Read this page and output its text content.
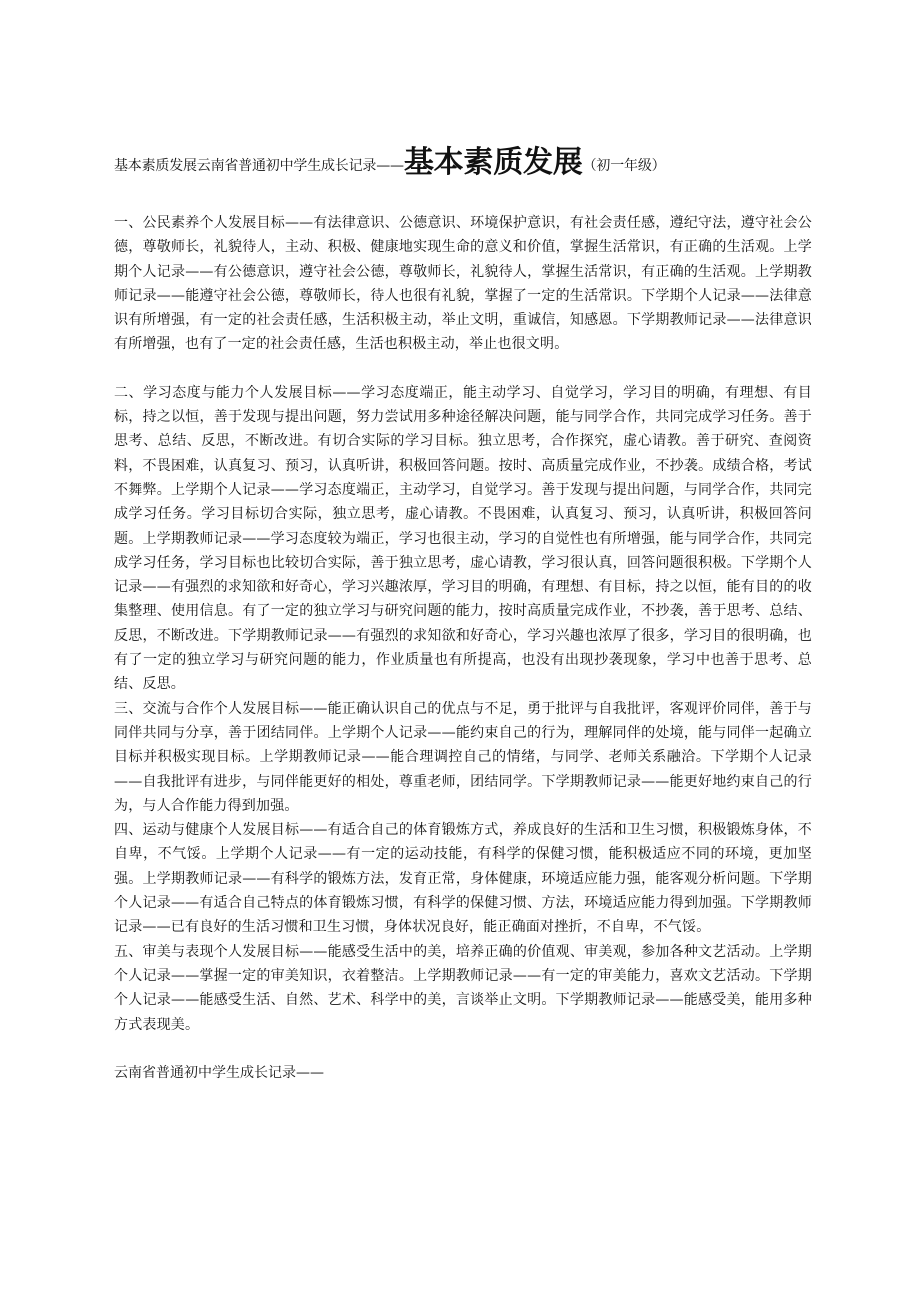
基本素质发展云南省普通初中学生成长记录——基本素质发展（初一年级）

一、公民素养个人发展目标——有法律意识、公德意识、环境保护意识，有社会责任感，遵纪守法，遵守社会公德，尊敬师长，礼貌待人，主动、积极、健康地实现生命的意义和价值，掌握生活常识，有正确的生活观。上学期个人记录——有公德意识，遵守社会公德，尊敬师长，礼貌待人，掌握生活常识，有正确的生活观。上学期教师记录——能遵守社会公德，尊敬师长，待人也很有礼貌，掌握了一定的生活常识。下学期个人记录——法律意识有所增强，有一定的社会责任感，生活积极主动，举止文明，重诚信，知感恩。下学期教师记录——法律意识有所增强，也有了一定的社会责任感，生活也积极主动，举止也很文明。

二、学习态度与能力个人发展目标——学习态度端正，能主动学习、自觉学习，学习目的明确，有理想、有目标，持之以恒，善于发现与提出问题，努力尝试用多种途径解决问题，能与同学合作，共同完成学习任务。善于思考、总结、反思，不断改进。有切合实际的学习目标。独立思考，合作探究，虚心请教。善于研究、查阅资料，不畏困难，认真复习、预习，认真听讲，积极回答问题。按时、高质量完成作业，不抄袭。成绩合格，考试不舞弊。上学期个人记录——学习态度端正，主动学习，自觉学习。善于发现与提出问题，与同学合作，共同完成学习任务。学习目标切合实际，独立思考，虚心请教。不畏困难，认真复习、预习，认真听讲，积极回答问题。上学期教师记录——学习态度较为端正，学习也很主动，学习的自觉性也有所增强，能与同学合作，共同完成学习任务，学习目标也比较切合实际，善于独立思考，虚心请教，学习很认真，回答问题很积极。下学期个人记录——有强烈的求知欲和好奇心，学习兴趣浓厚，学习目的明确，有理想、有目标，持之以恒，能有目的的收集整理、使用信息。有了一定的独立学习与研究问题的能力，按时高质量完成作业，不抄袭，善于思考、总结、反思，不断改进。下学期教师记录——有强烈的求知欲和好奇心，学习兴趣也浓厚了很多，学习目的很明确，也有了一定的独立学习与研究问题的能力，作业质量也有所提高，也没有出现抄袭现象，学习中也善于思考、总结、反思。

三、交流与合作个人发展目标——能正确认识自己的优点与不足，勇于批评与自我批评，客观评价同伴，善于与同伴共同与分享，善于团结同伴。上学期个人记录——能约束自己的行为，理解同伴的处境，能与同伴一起确立目标并积极实现目标。上学期教师记录——能合理调控自己的情绪，与同学、老师关系融洽。下学期个人记录——自我批评有进步，与同伴能更好的相处，尊重老师，团结同学。下学期教师记录——能更好地约束自己的行为，与人合作能力得到加强。

四、运动与健康个人发展目标——有适合自己的体育锻炼方式，养成良好的生活和卫生习惯，积极锻炼身体，不自卑，不气馁。上学期个人记录——有一定的运动技能，有科学的保健习惯，能积极适应不同的环境，更加坚强。上学期教师记录——有科学的锻炼方法，发育正常，身体健康，环境适应能力强，能客观分析问题。下学期个人记录——有适合自己特点的体育锻炼习惯，有科学的保健习惯、方法，环境适应能力得到加强。下学期教师记录——已有良好的生活习惯和卫生习惯，身体状况良好，能正确面对挫折，不自卑，不气馁。

五、审美与表现个人发展目标——能感受生活中的美，培养正确的价值观、审美观，参加各种文艺活动。上学期个人记录——掌握一定的审美知识，衣着整洁。上学期教师记录——有一定的审美能力，喜欢文艺活动。下学期个人记录——能感受生活、自然、艺术、科学中的美，言谈举止文明。下学期教师记录——能感受美，能用多种方式表现美。

云南省普通初中学生成长记录——
